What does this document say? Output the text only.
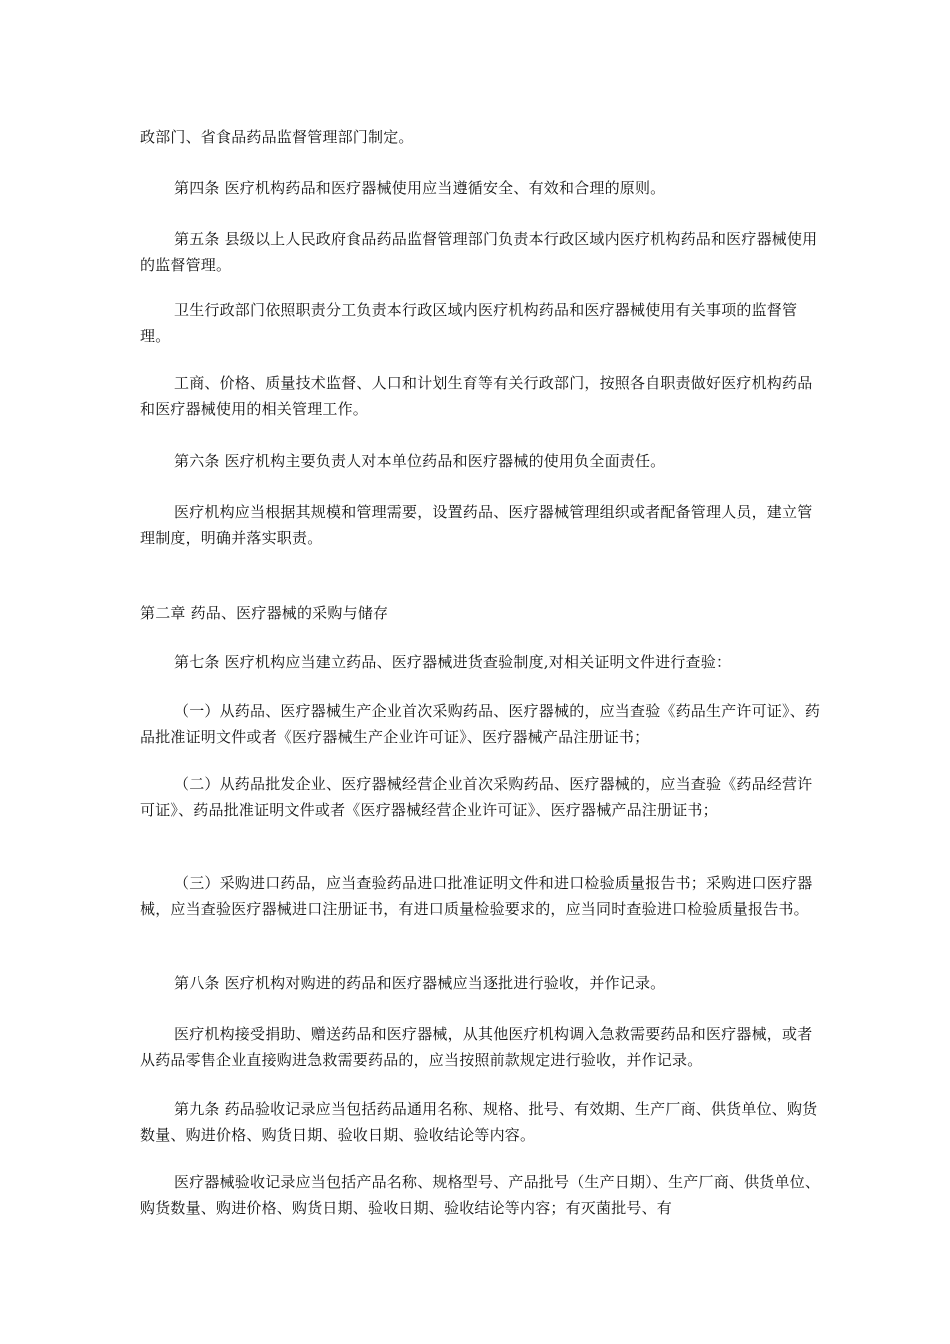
政部门、省食品药品监督管理部门制定。

第四条 医疗机构药品和医疗器械使用应当遵循安全、有效和合理的原则。

第五条 县级以上人民政府食品药品监督管理部门负责本行政区域内医疗机构药品和医疗器械使用的监督管理。

卫生行政部门依照职责分工负责本行政区域内医疗机构药品和医疗器械使用有关事项的监督管理。

工商、价格、质量技术监督、人口和计划生育等有关行政部门，按照各自职责做好医疗机构药品和医疗器械使用的相关管理工作。

第六条 医疗机构主要负责人对本单位药品和医疗器械的使用负全面责任。

医疗机构应当根据其规模和管理需要，设置药品、医疗器械管理组织或者配备管理人员，建立管理制度，明确并落实职责。

第二章 药品、医疗器械的采购与储存

第七条 医疗机构应当建立药品、医疗器械进货查验制度,对相关证明文件进行查验：

（一）从药品、医疗器械生产企业首次采购药品、医疗器械的，应当查验《药品生产许可证》、药品批准证明文件或者《医疗器械生产企业许可证》、医疗器械产品注册证书；

（二）从药品批发企业、医疗器械经营企业首次采购药品、医疗器械的，应当查验《药品经营许可证》、药品批准证明文件或者《医疗器械经营企业许可证》、医疗器械产品注册证书；

（三）采购进口药品，应当查验药品进口批准证明文件和进口检验质量报告书；采购进口医疗器械，应当查验医疗器械进口注册证书，有进口质量检验要求的，应当同时查验进口检验质量报告书。

第八条 医疗机构对购进的药品和医疗器械应当逐批进行验收，并作记录。

医疗机构接受捐助、赠送药品和医疗器械，从其他医疗机构调入急救需要药品和医疗器械，或者从药品零售企业直接购进急救需要药品的，应当按照前款规定进行验收，并作记录。

第九条 药品验收记录应当包括药品通用名称、规格、批号、有效期、生产厂商、供货单位、购货数量、购进价格、购货日期、验收日期、验收结论等内容。

医疗器械验收记录应当包括产品名称、规格型号、产品批号（生产日期）、生产厂商、供货单位、购货数量、购进价格、购货日期、验收日期、验收结论等内容；有灭菌批号、有
